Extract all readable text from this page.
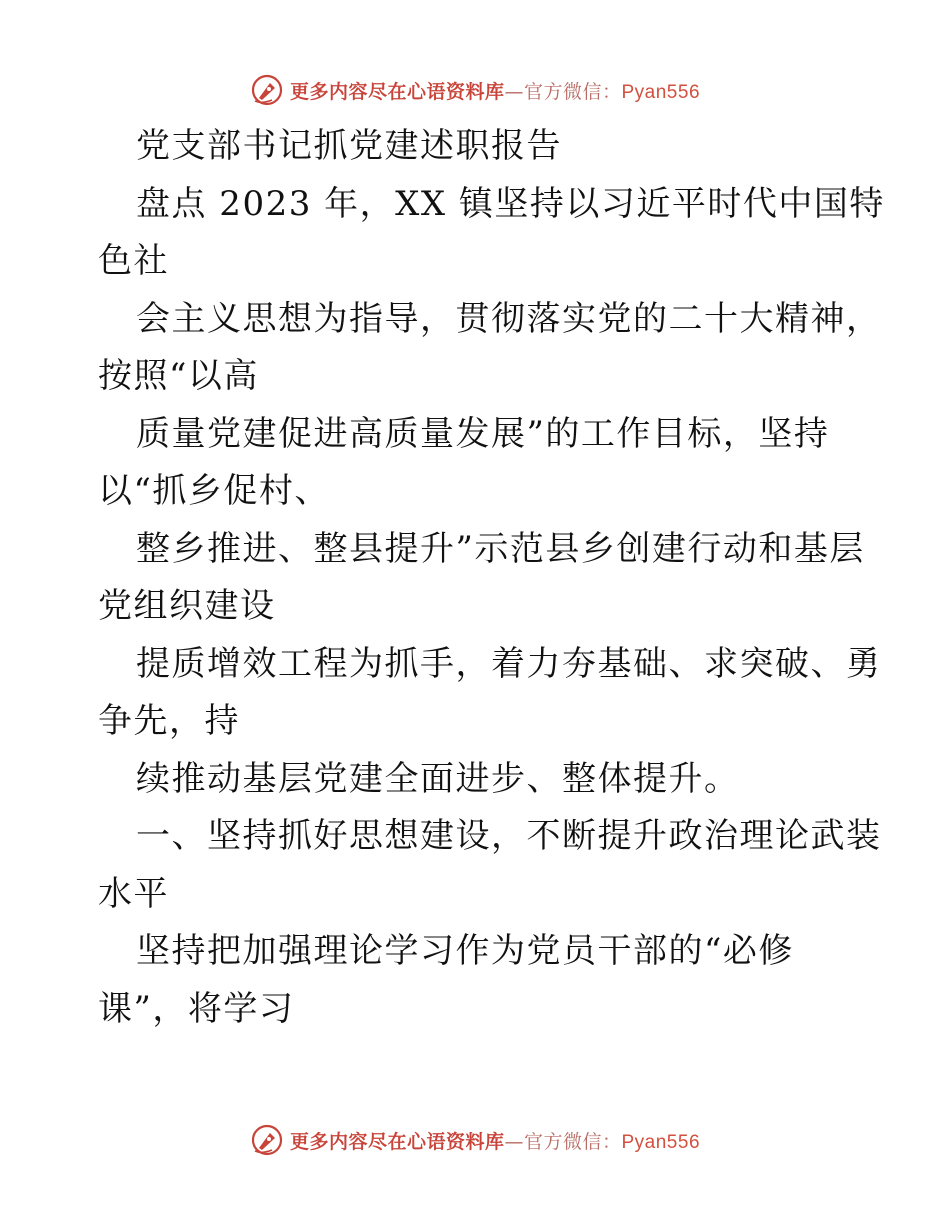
更多内容尽在心语资料库—官方微信：Pyan556
党支部书记抓党建述职报告
盘点 2023 年，XX 镇坚持以习近平时代中国特
色社
会主义思想为指导，贯彻落实党的二十大精神，
按照“以高
质量党建促进高质量发展”的工作目标，坚持
以“抓乡促村、
整乡推进、整县提升”示范县乡创建行动和基层
党组织建设
提质增效工程为抓手，着力夯基础、求突破、勇
争先，持
续推动基层党建全面进步、整体提升。
一、坚持抓好思想建设，不断提升政治理论武装
水平
坚持把加强理论学习作为党员干部的“必修
课”，将学习
更多内容尽在心语资料库—官方微信：Pyan556
